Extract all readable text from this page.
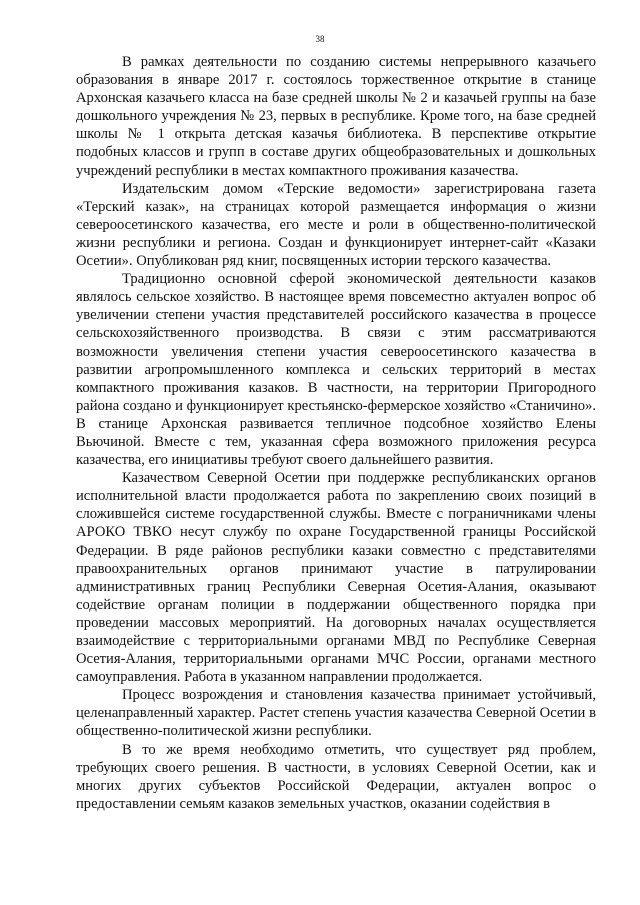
38

В рамках деятельности по созданию системы непрерывного казачьего образования в январе 2017 г. состоялось торжественное открытие в станице Архонская казачьего класса на базе средней школы № 2 и казачьей группы на базе дошкольного учреждения № 23, первых в республике. Кроме того, на базе средней школы № 1 открыта детская казачья библиотека. В перспективе открытие подобных классов и групп в составе других общеобразовательных и дошкольных учреждений республики в местах компактного проживания казачества.

Издательским домом «Терские ведомости» зарегистрирована газета «Терский казак», на страницах которой размещается информация о жизни североосетинского казачества, его месте и роли в общественно-политической жизни республики и региона. Создан и функционирует интернет-сайт «Казаки Осетии». Опубликован ряд книг, посвященных истории терского казачества.

Традиционно основной сферой экономической деятельности казаков являлось сельское хозяйство. В настоящее время повсеместно актуален вопрос об увеличении степени участия представителей российского казачества в процессе сельскохозяйственного производства. В связи с этим рассматриваются возможности увеличения степени участия североосетинского казачества в развитии агропромышленного комплекса и сельских территорий в местах компактного проживания казаков. В частности, на территории Пригородного района создано и функционирует крестьянско-фермерское хозяйство «Станичино». В станице Архонская развивается тепличное подсобное хозяйство Елены Вьючиной. Вместе с тем, указанная сфера возможного приложения ресурса казачества, его инициативы требуют своего дальнейшего развития.

Казачеством Северной Осетии при поддержке республиканских органов исполнительной власти продолжается работа по закреплению своих позиций в сложившейся системе государственной службы. Вместе с пограничниками члены АРОКО ТВКО несут службу по охране Государственной границы Российской Федерации. В ряде районов республики казаки совместно с представителями правоохранительных органов принимают участие в патрулировании административных границ Республики Северная Осетия-Алания, оказывают содействие органам полиции в поддержании общественного порядка при проведении массовых мероприятий. На договорных началах осуществляется взаимодействие с территориальными органами МВД по Республике Северная Осетия-Алания, территориальными органами МЧС России, органами местного самоуправления. Работа в указанном направлении продолжается.

Процесс возрождения и становления казачества принимает устойчивый, целенаправленный характер. Растет степень участия казачества Северной Осетии в общественно-политической жизни республики.

В то же время необходимо отметить, что существует ряд проблем, требующих своего решения. В частности, в условиях Северной Осетии, как и многих других субъектов Российской Федерации, актуален вопрос о предоставлении семьям казаков земельных участков, оказании содействия в
